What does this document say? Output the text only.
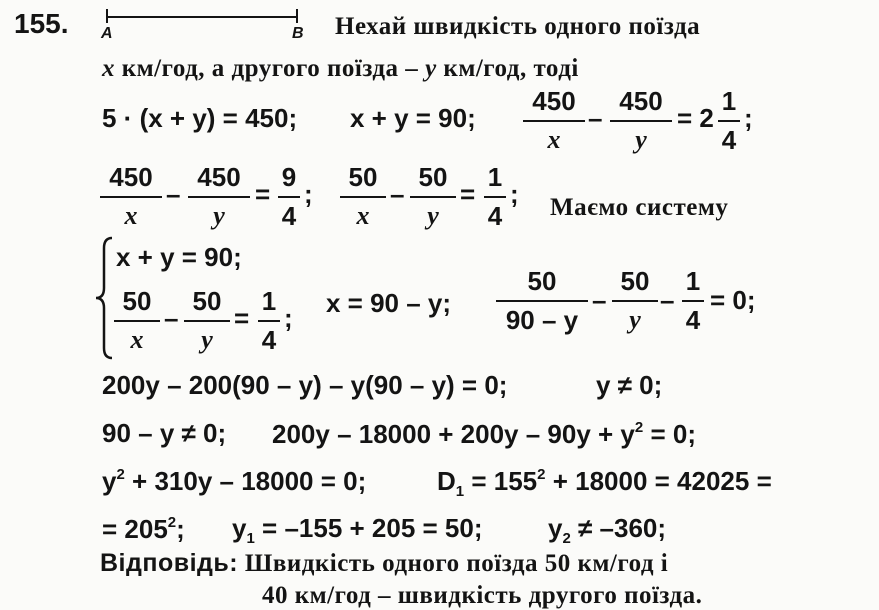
155. A	B Нехай швидкість одного поїзда
x км/год, а другого поїзда – y км/год, тоді
5 · (x + y) = 450; x + y = 90;
450
x
–
450
y
= 2
1
4
;
450
x
–
450
y
=
9
4
;
50
x
–
50
y
=
1
4
; Маємо систему
x + y = 90;
50
x
–
50
y
=
1
4
; x = 90 – y;
50
90 – y
–
50
y
–
1
4
= 0;
200y – 200(90 – y) – y(90 – y) = 0;	y ≠ 0;
90 – y ≠ 0; $200y - 18000 + 200y - 90y + y^2 = 0$;
$y^2 + 310y - 18000 = 0$;	$D_1 = 155^2 + 18000 = 42025$ =
= $205^2$; $y_1 = -155 + 205 = 50$;	$y_2 \ne -360$;
Відповідь: Швидкість одного поїзда 50 км/год і
40 км/год – швидкість другого поїзда.
